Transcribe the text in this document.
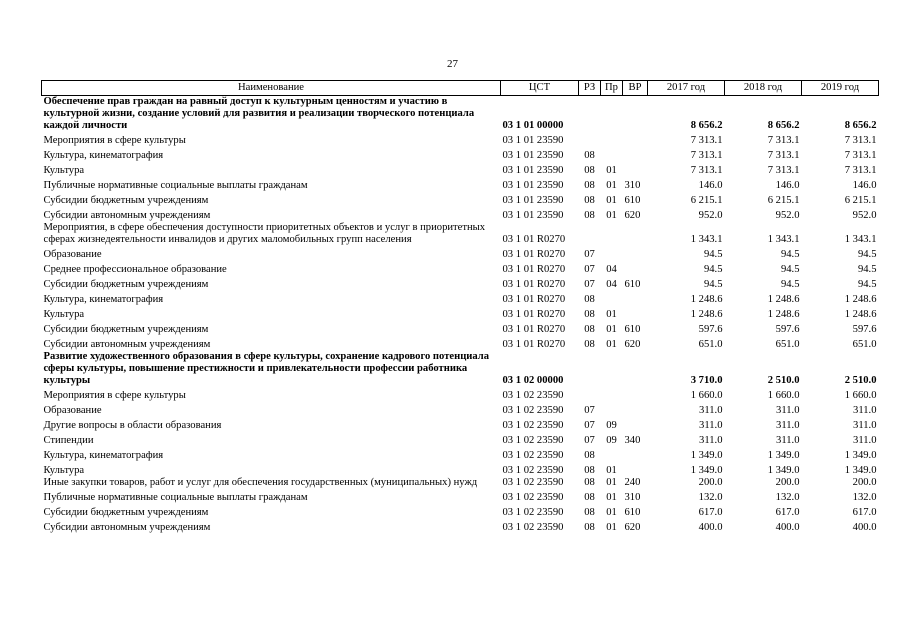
27
Наименование	ЦСТ	РЗ	Пр	ВР	2017 год	2018 год	2019 год
Обеспечение прав граждан на равный доступ к культурным ценностям и участию в культурной жизни, создание условий для развития и реализации творческого потенциала каждой личности	03 1 01 00000				8 656.2	8 656.2	8 656.2
Мероприятия в сфере культуры	03 1 01 23590				7 313.1	7 313.1	7 313.1
Культура, кинематография	03 1 01 23590	08			7 313.1	7 313.1	7 313.1
Культура	03 1 01 23590	08	01		7 313.1	7 313.1	7 313.1
Публичные нормативные социальные выплаты гражданам	03 1 01 23590	08	01	310	146.0	146.0	146.0
Субсидии бюджетным учреждениям	03 1 01 23590	08	01	610	6 215.1	6 215.1	6 215.1
Субсидии автономным учреждениям	03 1 01 23590	08	01	620	952.0	952.0	952.0
Мероприятия, в сфере обеспечения доступности приоритетных объектов и услуг в приоритетных сферах жизнедеятельности инвалидов и других маломобильных групп населения	03 1 01 R0270				1 343.1	1 343.1	1 343.1
Образование	03 1 01 R0270	07			94.5	94.5	94.5
Среднее профессиональное образование	03 1 01 R0270	07	04		94.5	94.5	94.5
Субсидии бюджетным учреждениям	03 1 01 R0270	07	04	610	94.5	94.5	94.5
Культура, кинематография	03 1 01 R0270	08			1 248.6	1 248.6	1 248.6
Культура	03 1 01 R0270	08	01		1 248.6	1 248.6	1 248.6
Субсидии бюджетным учреждениям	03 1 01 R0270	08	01	610	597.6	597.6	597.6
Субсидии автономным учреждениям	03 1 01 R0270	08	01	620	651.0	651.0	651.0
Развитие художественного образования в сфере культуры, сохранение кадрового потенциала сферы культуры, повышение престижности и привлекательности профессии работника культуры	03 1 02 00000				3 710.0	2 510.0	2 510.0
Мероприятия в сфере культуры	03 1 02 23590				1 660.0	1 660.0	1 660.0
Образование	03 1 02 23590	07			311.0	311.0	311.0
Другие вопросы в области образования	03 1 02 23590	07	09		311.0	311.0	311.0
Стипендии	03 1 02 23590	07	09	340	311.0	311.0	311.0
Культура, кинематография	03 1 02 23590	08			1 349.0	1 349.0	1 349.0
Культура	03 1 02 23590	08	01		1 349.0	1 349.0	1 349.0
Иные закупки товаров, работ и услуг для обеспечения государственных (муниципальных) нужд	03 1 02 23590	08	01	240	200.0	200.0	200.0
Публичные нормативные социальные выплаты гражданам	03 1 02 23590	08	01	310	132.0	132.0	132.0
Субсидии бюджетным учреждениям	03 1 02 23590	08	01	610	617.0	617.0	617.0
Субсидии автономным учреждениям	03 1 02 23590	08	01	620	400.0	400.0	400.0
